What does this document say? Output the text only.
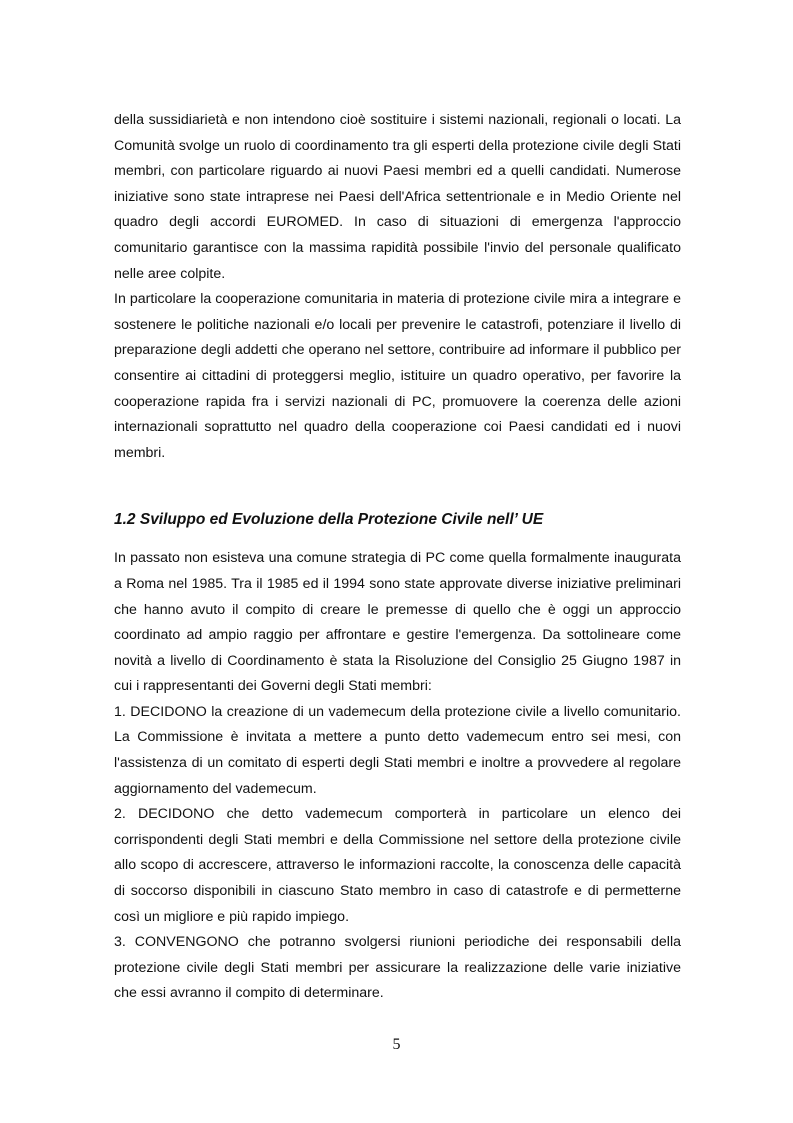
della sussidiarietà e non intendono cioè sostituire i sistemi nazionali, regionali o locati. La Comunità svolge un ruolo di coordinamento tra gli esperti della protezione civile degli Stati membri, con particolare riguardo ai nuovi Paesi membri ed a quelli candidati. Numerose iniziative sono state intraprese nei Paesi dell'Africa settentrionale e in Medio Oriente nel quadro degli accordi EUROMED. In caso di situazioni di emergenza l'approccio comunitario garantisce con la massima rapidità possibile l'invio del personale qualificato nelle aree colpite.

In particolare la cooperazione comunitaria in materia di protezione civile mira a integrare e sostenere le politiche nazionali e/o locali per prevenire le catastrofi, potenziare il livello di preparazione degli addetti che operano nel settore, contribuire ad informare il pubblico per consentire ai cittadini di proteggersi meglio, istituire un quadro operativo, per favorire la cooperazione rapida fra i servizi nazionali di PC, promuovere la coerenza delle azioni internazionali soprattutto nel quadro della cooperazione coi Paesi candidati ed i nuovi membri.

1.2 Sviluppo ed Evoluzione della Protezione Civile nell’ UE

In passato non esisteva una comune strategia di PC come quella formalmente inaugurata a Roma nel 1985. Tra il 1985 ed il 1994 sono state approvate diverse iniziative preliminari che hanno avuto il compito di creare le premesse di quello che è oggi un approccio coordinato ad ampio raggio per affrontare e gestire l'emergenza. Da sottolineare come novità a livello di Coordinamento è stata la Risoluzione del Consiglio 25 Giugno 1987 in cui i rappresentanti dei Governi degli Stati membri:

1. DECIDONO la creazione di un vademecum della protezione civile a livello comunitario. La Commissione è invitata a mettere a punto detto vademecum entro sei mesi, con l'assistenza di un comitato di esperti degli Stati membri e inoltre a provvedere al regolare aggiornamento del vademecum.

2. DECIDONO che detto vademecum comporterà in particolare un elenco dei corrispondenti degli Stati membri e della Commissione nel settore della protezione civile allo scopo di accrescere, attraverso le informazioni raccolte, la conoscenza delle capacità di soccorso disponibili in ciascuno Stato membro in caso di catastrofe e di permetterne così un migliore e più rapido impiego.

3. CONVENGONO che potranno svolgersi riunioni periodiche dei responsabili della protezione civile degli Stati membri per assicurare la realizzazione delle varie iniziative che essi avranno il compito di determinare.

5
